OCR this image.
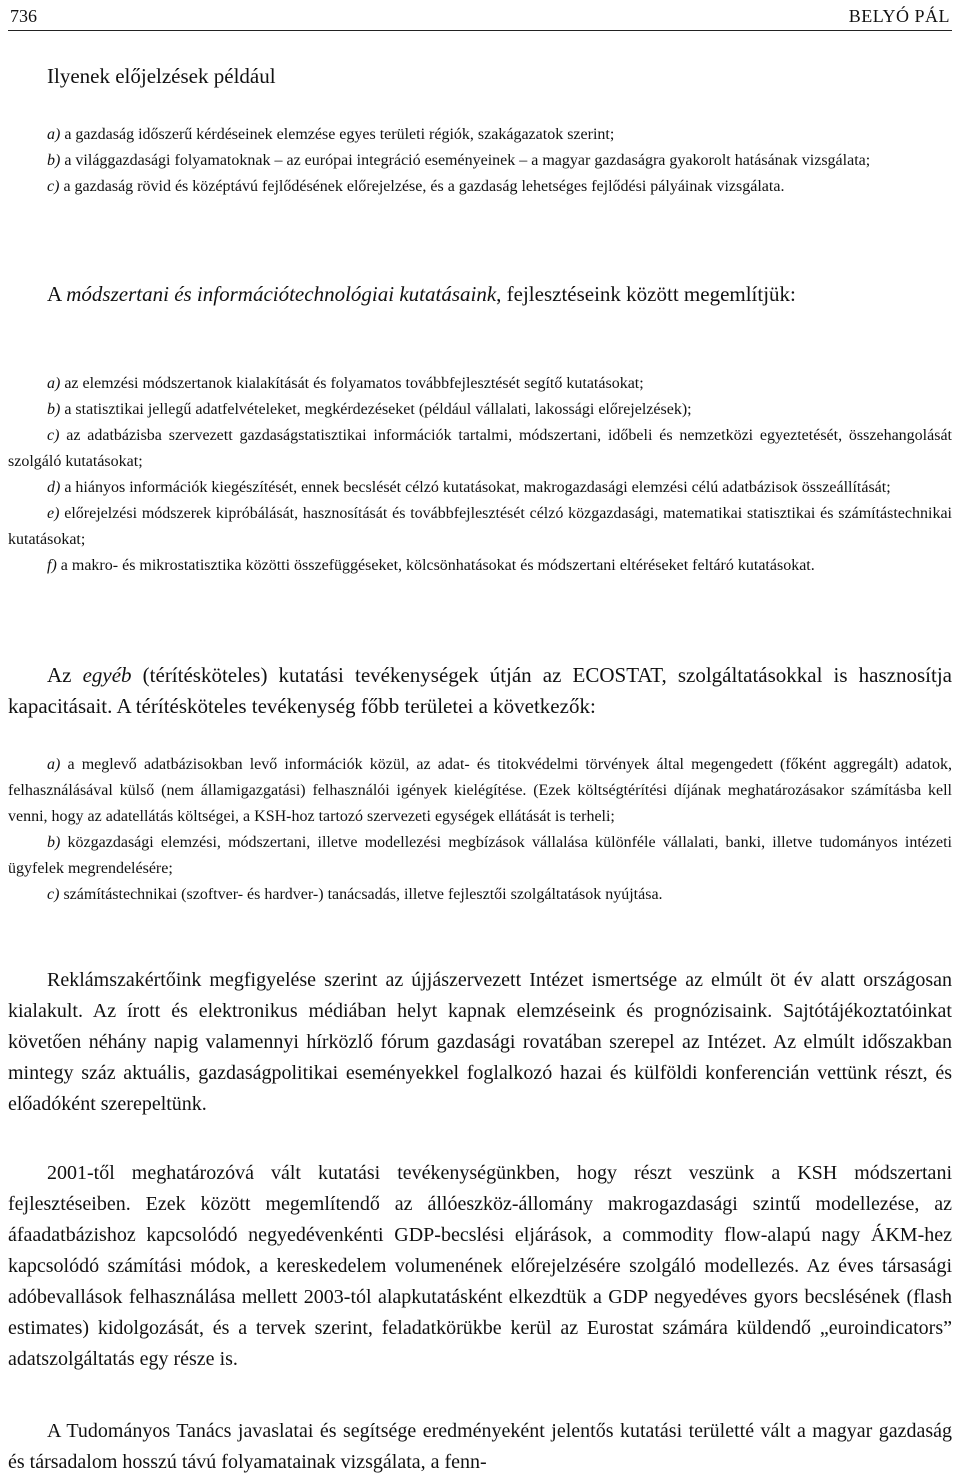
736	BELYÓ PÁL
Ilyenek előjelzések például
a) a gazdaság időszerű kérdéseinek elemzése egyes területi régiók, szakágazatok szerint;
b) a világgazdasági folyamatoknak – az európai integráció eseményeinek – a magyar gazdaságra gyakorolt hatásának vizsgálata;
c) a gazdaság rövid és középtávú fejlődésének előrejelzése, és a gazdaság lehetséges fejlődési pályáinak vizsgálata.
A módszertani és információtechnológiai kutatásaink, fejlesztéseink között megemlítjük:
a) az elemzési módszertanok kialakítását és folyamatos továbbfejlesztését segítő kutatásokat;
b) a statisztikai jellegű adatfelvételeket, megkérdezéseket (például vállalati, lakossági előrejelzések);
c) az adatbázisba szervezett gazdaságstatisztikai információk tartalmi, módszertani, időbeli és nemzetközi egyeztetését, összehangolását szolgáló kutatásokat;
d) a hiányos információk kiegészítését, ennek becslését célzó kutatásokat, makrogazdasági elemzési célú adatbázisok összeállítását;
e) előrejelzési módszerek kipróbálását, hasznosítását és továbbfejlesztését célzó közgazdasági, matematikai statisztikai és számítástechnikai kutatásokat;
f) a makro- és mikrostatisztika közötti összefüggéseket, kölcsönhatásokat és módszertani eltéréseket feltáró kutatásokat.
Az egyéb (térítésköteles) kutatási tevékenységek útján az ECOSTAT, szolgáltatásokkal is hasznosítja kapacitásait. A térítésköteles tevékenység főbb területei a következők:
a) a meglevő adatbázisokban levő információk közül, az adat- és titokvédelmi törvények által megengedett (főként aggregált) adatok, felhasználásával külső (nem államigazgatási) felhasználói igények kielégítése. (Ezek költségtérítési díjának meghatározásakor számításba kell venni, hogy az adatellátás költségei, a KSH-hoz tartozó szervezeti egységek ellátását is terheli;
b) közgazdasági elemzési, módszertani, illetve modellezési megbízások vállalása különféle vállalati, banki, illetve tudományos intézeti ügyfelek megrendelésére;
c) számítástechnikai (szoftver- és hardver-) tanácsadás, illetve fejlesztői szolgáltatások nyújtása.
Reklámszakértőink megfigyelése szerint az újjászervezett Intézet ismertsége az elmúlt öt év alatt országosan kialakult. Az írott és elektronikus médiában helyt kapnak elemzéseink és prognózisaink. Sajtótájékoztatóinkat követően néhány napig valamennyi hírközlő fórum gazdasági rovatában szerepel az Intézet. Az elmúlt időszakban mintegy száz aktuális, gazdaságpolitikai eseményekkel foglalkozó hazai és külföldi konferencián vettünk részt, és előadóként szerepeltünk.
2001-től meghatározóvá vált kutatási tevékenységünkben, hogy részt veszünk a KSH módszertani fejlesztéseiben. Ezek között megemlítendő az állóeszköz-állomány makrogazdasági szintű modellezése, az áfaadatbázishoz kapcsolódó negyedévenkénti GDP-becslési eljárások, a commodity flow-alapú nagy ÁKM-hez kapcsolódó számítási módok, a kereskedelem volumenének előrejelzésére szolgáló modellezés. Az éves társasági adóbevallások felhasználása mellett 2003-tól alapkutatásként elkezdtük a GDP negyedéves gyors becslésének (flash estimates) kidolgozását, és a tervek szerint, feladatkörükbe kerül az Eurostat számára küldendő „euroindicators” adatszolgáltatás egy része is.
A Tudományos Tanács javaslatai és segítsége eredményeként jelentős kutatási területté vált a magyar gazdaság és társadalom hosszú távú folyamatainak vizsgálata, a fenn-
